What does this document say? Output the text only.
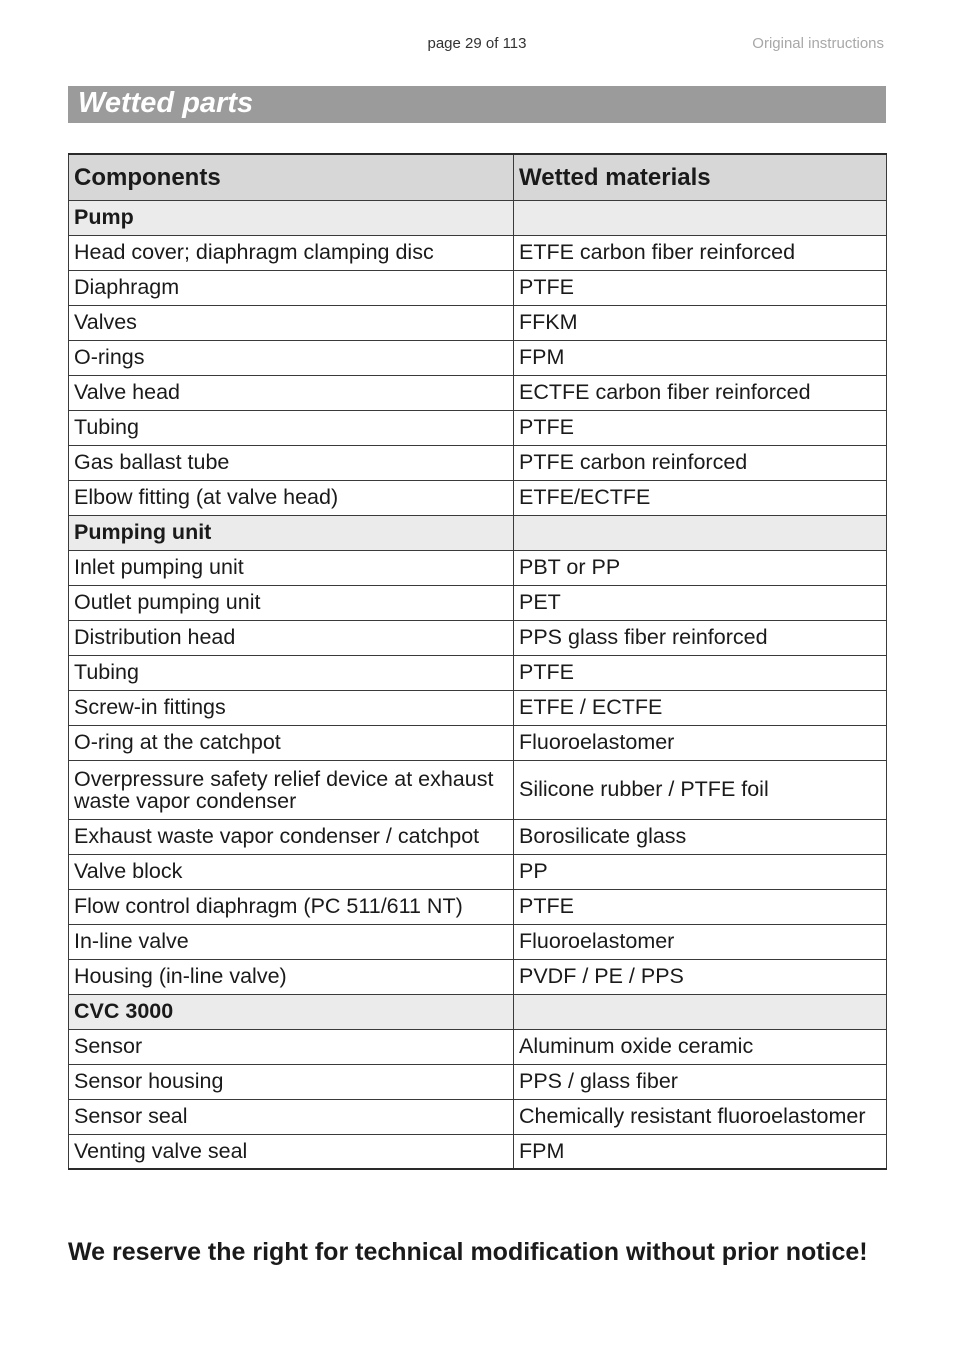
page 29 of 113	Original instructions
Wetted parts
Components	Wetted materials
Pump	
Head cover; diaphragm clamping disc	ETFE carbon fiber reinforced
Diaphragm	PTFE
Valves	FFKM
O-rings	FPM
Valve head	ECTFE carbon fiber reinforced
Tubing	PTFE
Gas ballast tube	PTFE carbon reinforced
Elbow fitting (at valve head)	ETFE/ECTFE
Pumping unit	
Inlet pumping unit	PBT or PP
Outlet pumping unit	PET
Distribution head	PPS glass fiber reinforced
Tubing	PTFE
Screw-in fittings	ETFE / ECTFE
O-ring at the catchpot	Fluoroelastomer
Overpressure safety relief device at exhaust waste vapor condenser	Silicone rubber / PTFE foil
Exhaust waste vapor condenser / catchpot	Borosilicate glass
Valve block	PP
Flow control diaphragm (PC 511/611 NT)	PTFE
In-line valve	Fluoroelastomer
Housing (in-line valve)	PVDF / PE / PPS
CVC 3000	
Sensor	Aluminum oxide ceramic
Sensor housing	PPS / glass fiber
Sensor seal	Chemically resistant fluoroelastomer
Venting valve seal	FPM
We reserve the right for technical modification without prior notice!
